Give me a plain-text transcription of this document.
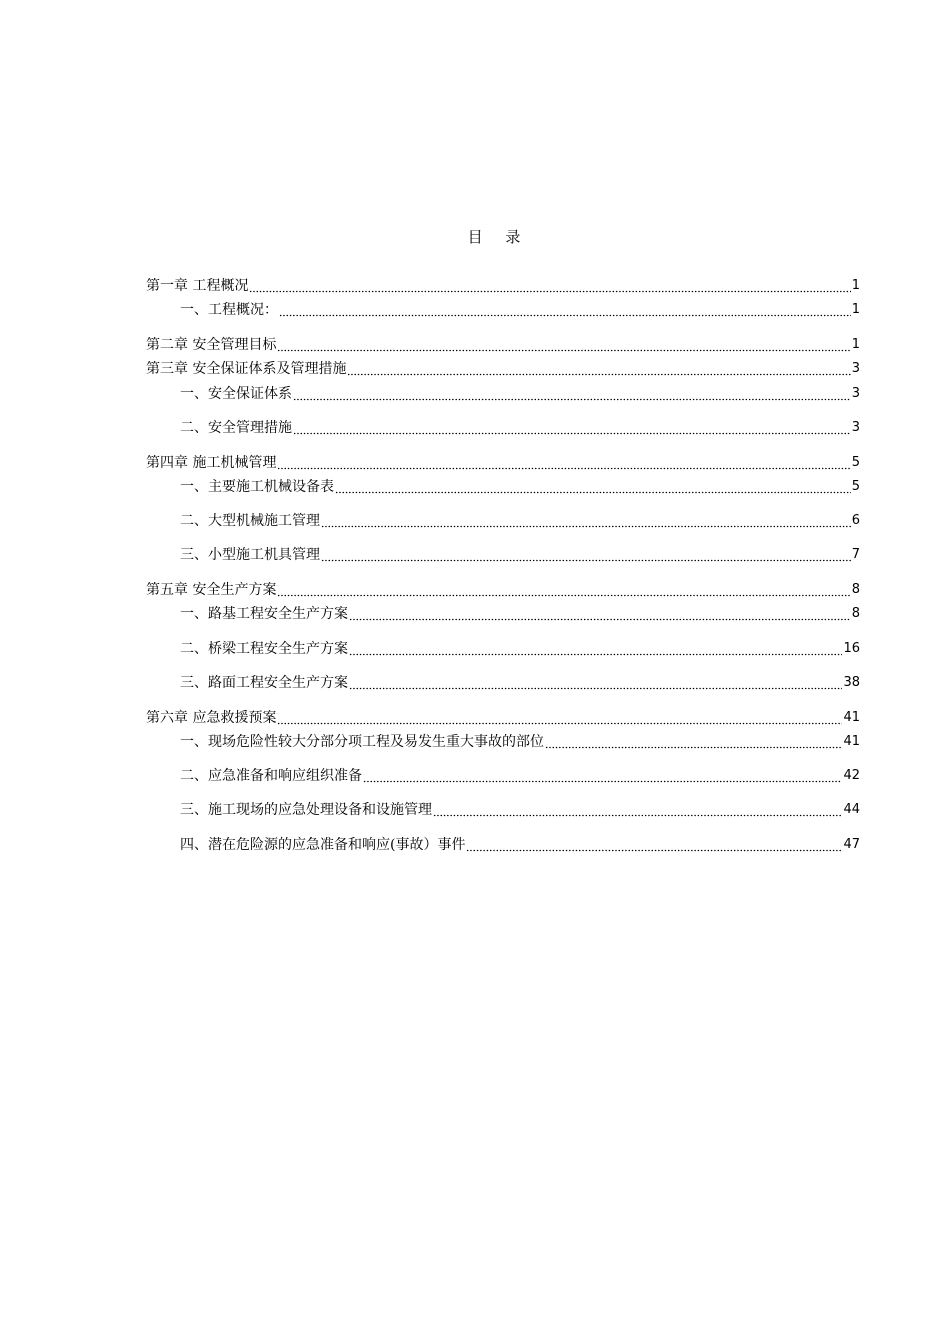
目 录
第一章 工程概况	1
一、工程概况：	1
第二章 安全管理目标	1
第三章 安全保证体系及管理措施	3
一、安全保证体系	3
二、安全管理措施	3
第四章 施工机械管理	5
一、主要施工机械设备表	5
二、大型机械施工管理	6
三、小型施工机具管理	7
第五章 安全生产方案	8
一、路基工程安全生产方案	8
二、桥梁工程安全生产方案	16
三、路面工程安全生产方案	38
第六章 应急救援预案	41
一、现场危险性较大分部分项工程及易发生重大事故的部位	41
二、应急准备和响应组织准备	42
三、施工现场的应急处理设备和设施管理	44
四、潜在危险源的应急准备和响应(事故）事件	47
